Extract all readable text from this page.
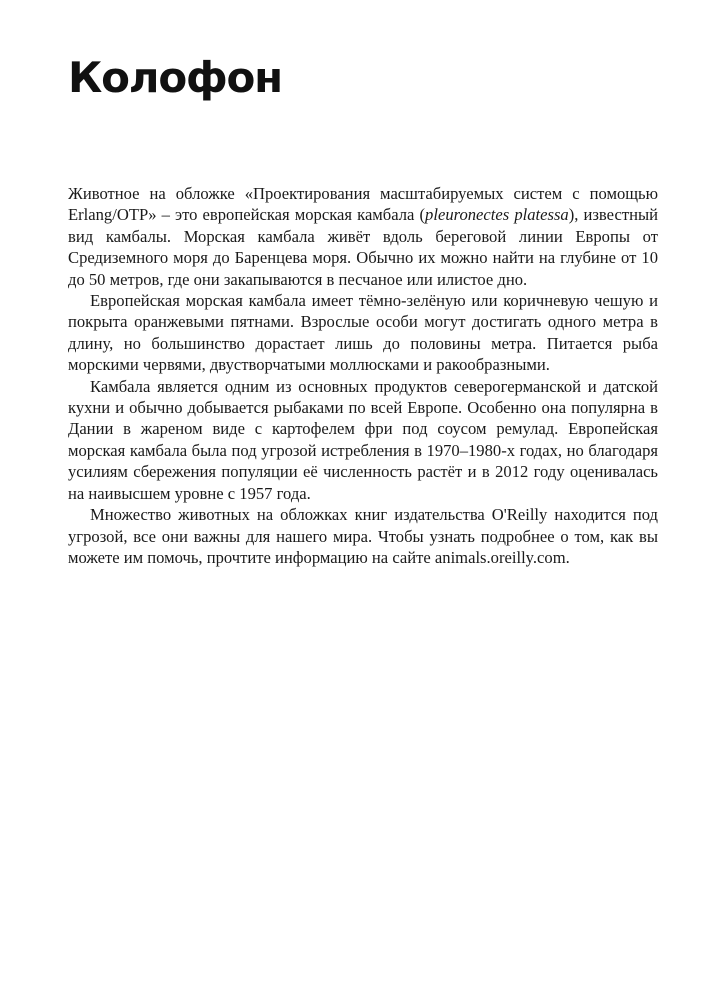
Колофон

Животное на обложке «Проектирования масштабируемых систем с помощью Erlang/OTP» – это европейская морская камбала (pleuronectes platessa), известный вид камбалы. Морская камбала живёт вдоль береговой линии Европы от Средиземного моря до Баренцева моря. Обычно их можно найти на глубине от 10 до 50 метров, где они закапываются в песчаное или илистое дно.

Европейская морская камбала имеет тёмно-зелёную или коричневую чешую и покрыта оранжевыми пятнами. Взрослые особи могут достигать одного метра в длину, но большинство дорастает лишь до половины метра. Питается рыба морскими червями, двустворчатыми моллюсками и ракообразными.

Камбала является одним из основных продуктов северогерманской и датской кухни и обычно добывается рыбаками по всей Европе. Особенно она популярна в Дании в жареном виде с картофелем фри под соусом ремулад. Европейская морская камбала была под угрозой истребления в 1970–1980-х годах, но благодаря усилиям сбережения популяции её численность растёт и в 2012 году оценивалась на наивысшем уровне с 1957 года.

Множество животных на обложках книг издательства O'Reilly находится под угрозой, все они важны для нашего мира. Чтобы узнать подробнее о том, как вы можете им помочь, прочтите информацию на сайте animals.oreilly.com.
